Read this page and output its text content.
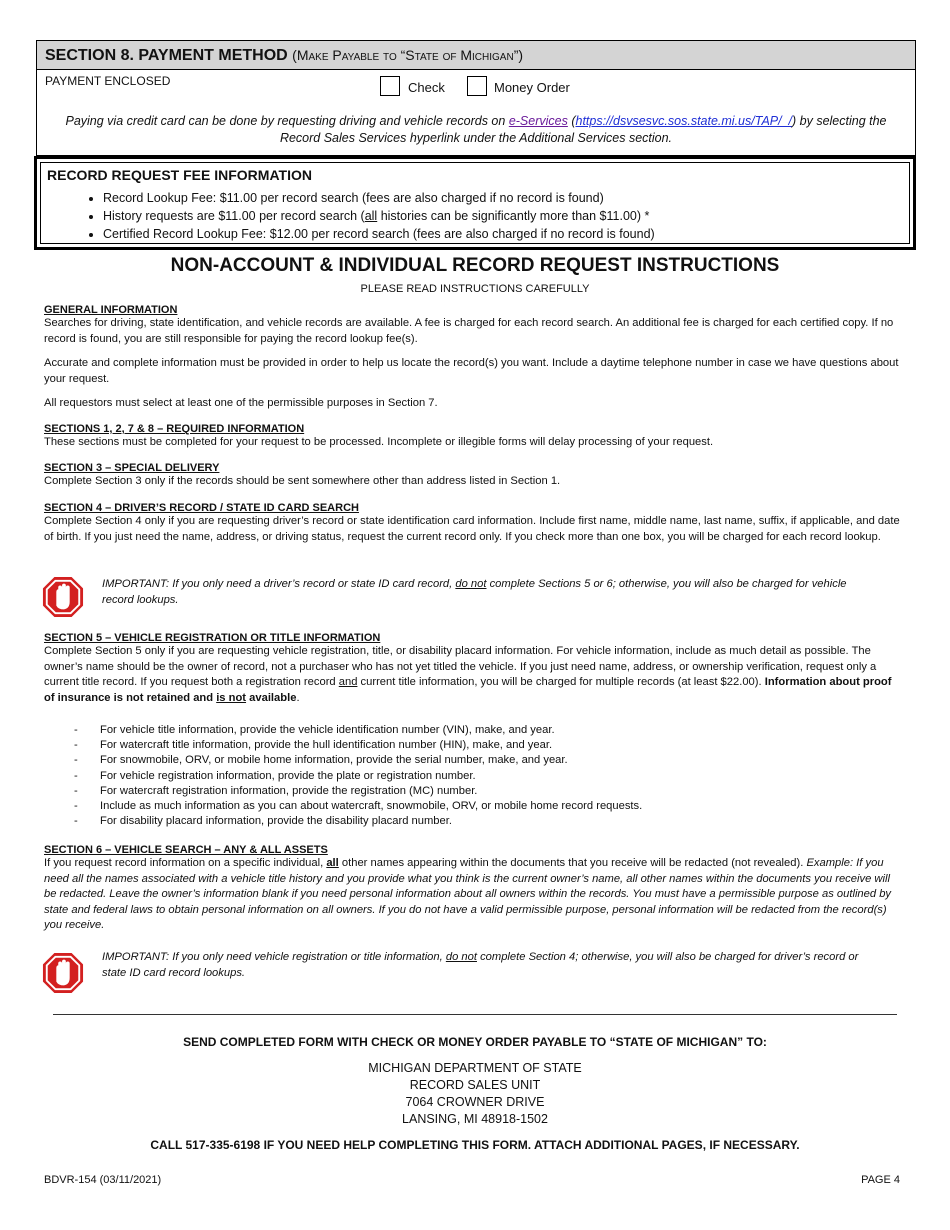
SECTION 8. PAYMENT METHOD (Make Payable to “State of Michigan”)
PAYMENT ENCLOSED	Check	Money Order
Paying via credit card can be done by requesting driving and vehicle records on e-Services (https://dsvsesvc.sos.state.mi.us/TAP/_/) by selecting the Record Sales Services hyperlink under the Additional Services section.
RECORD REQUEST FEE INFORMATION
• Record Lookup Fee: $11.00 per record search (fees are also charged if no record is found)
• History requests are $11.00 per record search (all histories can be significantly more than $11.00) *
• Certified Record Lookup Fee: $12.00 per record search (fees are also charged if no record is found)
NON-ACCOUNT & INDIVIDUAL RECORD REQUEST INSTRUCTIONS
PLEASE READ INSTRUCTIONS CAREFULLY
GENERAL INFORMATION
Searches for driving, state identification, and vehicle records are available. A fee is charged for each record search. An additional fee is charged for each certified copy. If no record is found, you are still responsible for paying the record lookup fee(s).
Accurate and complete information must be provided in order to help us locate the record(s) you want. Include a daytime telephone number in case we have questions about your request.
All requestors must select at least one of the permissible purposes in Section 7.
SECTIONS 1, 2, 7 & 8 – REQUIRED INFORMATION
These sections must be completed for your request to be processed. Incomplete or illegible forms will delay processing of your request.
SECTION 3 – SPECIAL DELIVERY
Complete Section 3 only if the records should be sent somewhere other than address listed in Section 1.
SECTION 4 – DRIVER’S RECORD / STATE ID CARD SEARCH
Complete Section 4 only if you are requesting driver’s record or state identification card information. Include first name, middle name, last name, suffix, if applicable, and date of birth. If you just need the name, address, or driving status, request the current record only. If you check more than one box, you will be charged for each record lookup.
IMPORTANT: If you only need a driver’s record or state ID card record, do not complete Sections 5 or 6; otherwise, you will also be charged for vehicle record lookups.
SECTION 5 – VEHICLE REGISTRATION OR TITLE INFORMATION
Complete Section 5 only if you are requesting vehicle registration, title, or disability placard information. For vehicle information, include as much detail as possible. The owner’s name should be the owner of record, not a purchaser who has not yet titled the vehicle. If you just need name, address, or ownership verification, request only a current title record. If you request both a registration record and current title information, you will be charged for multiple records (at least $22.00). Information about proof of insurance is not retained and is not available.
- For vehicle title information, provide the vehicle identification number (VIN), make, and year.
- For watercraft title information, provide the hull identification number (HIN), make, and year.
- For snowmobile, ORV, or mobile home information, provide the serial number, make, and year.
- For vehicle registration information, provide the plate or registration number.
- For watercraft registration information, provide the registration (MC) number.
- Include as much information as you can about watercraft, snowmobile, ORV, or mobile home record requests.
- For disability placard information, provide the disability placard number.
SECTION 6 – VEHICLE SEARCH – ANY & ALL ASSETS
If you request record information on a specific individual, all other names appearing within the documents that you receive will be redacted (not revealed). Example: If you need all the names associated with a vehicle title history and you provide what you think is the current owner’s name, all other names within the documents you receive will be redacted. Leave the owner’s information blank if you need personal information about all owners within the records. You must have a permissible purpose as outlined by state and federal laws to obtain personal information on all owners. If you do not have a valid permissible purpose, personal information will be redacted from the record(s) you receive.
IMPORTANT: If you only need vehicle registration or title information, do not complete Section 4; otherwise, you will also be charged for driver’s record or state ID card record lookups.
SEND COMPLETED FORM WITH CHECK OR MONEY ORDER PAYABLE TO “STATE OF MICHIGAN” TO:
MICHIGAN DEPARTMENT OF STATE
RECORD SALES UNIT
7064 CROWNER DRIVE
LANSING, MI 48918-1502
CALL 517-335-6198 IF YOU NEED HELP COMPLETING THIS FORM. ATTACH ADDITIONAL PAGES, IF NECESSARY.
BDVR-154 (03/11/2021)	PAGE 4
